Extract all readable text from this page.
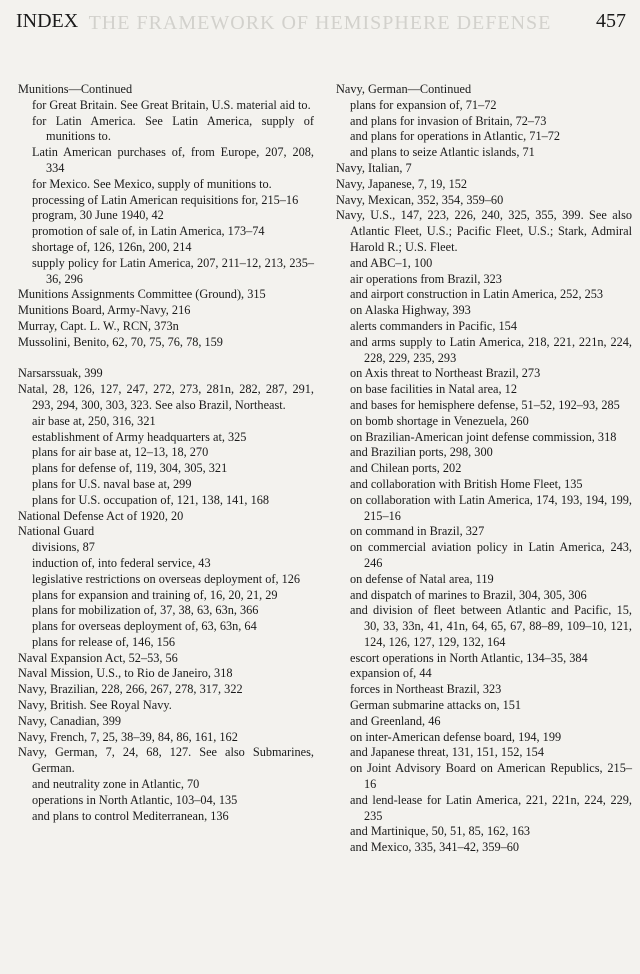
THE FRAMEWORK OF HEMISPHERE DEFENSE
INDEX	457
Munitions—Continued
for Great Britain. See Great Britain, U.S. material aid to.
for Latin America. See Latin America, supply of munitions to.
Latin American purchases of, from Europe, 207, 208, 334
for Mexico. See Mexico, supply of munitions to.
processing of Latin American requisitions for, 215–16
program, 30 June 1940, 42
promotion of sale of, in Latin America, 173–74
shortage of, 126, 126n, 200, 214
supply policy for Latin America, 207, 211–12, 213, 235–36, 296
Munitions Assignments Committee (Ground), 315
Munitions Board, Army-Navy, 216
Murray, Capt. L. W., RCN, 373n
Mussolini, Benito, 62, 70, 75, 76, 78, 159
Narsarssuak, 399
Natal, 28, 126, 127, 247, 272, 273, 281n, 282, 287, 291, 293, 294, 300, 303, 323. See also Brazil, Northeast.
air base at, 250, 316, 321
establishment of Army headquarters at, 325
plans for air base at, 12–13, 18, 270
plans for defense of, 119, 304, 305, 321
plans for U.S. naval base at, 299
plans for U.S. occupation of, 121, 138, 141, 168
National Defense Act of 1920, 20
National Guard
divisions, 87
induction of, into federal service, 43
legislative restrictions on overseas deployment of, 126
plans for expansion and training of, 16, 20, 21, 29
plans for mobilization of, 37, 38, 63, 63n, 366
plans for overseas deployment of, 63, 63n, 64
plans for release of, 146, 156
Naval Expansion Act, 52–53, 56
Naval Mission, U.S., to Rio de Janeiro, 318
Navy, Brazilian, 228, 266, 267, 278, 317, 322
Navy, British. See Royal Navy.
Navy, Canadian, 399
Navy, French, 7, 25, 38–39, 84, 86, 161, 162
Navy, German, 7, 24, 68, 127. See also Submarines, German.
and neutrality zone in Atlantic, 70
operations in North Atlantic, 103–04, 135
and plans to control Mediterranean, 136
Navy, German—Continued
plans for expansion of, 71–72
and plans for invasion of Britain, 72–73
and plans for operations in Atlantic, 71–72
and plans to seize Atlantic islands, 71
Navy, Italian, 7
Navy, Japanese, 7, 19, 152
Navy, Mexican, 352, 354, 359–60
Navy, U.S., 147, 223, 226, 240, 325, 355, 399. See also Atlantic Fleet, U.S.; Pacific Fleet, U.S.; Stark, Admiral Harold R.; U.S. Fleet.
and ABC–1, 100
air operations from Brazil, 323
and airport construction in Latin America, 252, 253
on Alaska Highway, 393
alerts commanders in Pacific, 154
and arms supply to Latin America, 218, 221, 221n, 224, 228, 229, 235, 293
on Axis threat to Northeast Brazil, 273
on base facilities in Natal area, 12
and bases for hemisphere defense, 51–52, 192–93, 285
on bomb shortage in Venezuela, 260
on Brazilian-American joint defense commission, 318
and Brazilian ports, 298, 300
and Chilean ports, 202
and collaboration with British Home Fleet, 135
on collaboration with Latin America, 174, 193, 194, 199, 215–16
on command in Brazil, 327
on commercial aviation policy in Latin America, 243, 246
on defense of Natal area, 119
and dispatch of marines to Brazil, 304, 305, 306
and division of fleet between Atlantic and Pacific, 15, 30, 33, 33n, 41, 41n, 64, 65, 67, 88–89, 109–10, 121, 124, 126, 127, 129, 132, 164
escort operations in North Atlantic, 134–35, 384
expansion of, 44
forces in Northeast Brazil, 323
German submarine attacks on, 151
and Greenland, 46
on inter-American defense board, 194, 199
and Japanese threat, 131, 151, 152, 154
on Joint Advisory Board on American Republics, 215–16
and lend-lease for Latin America, 221, 221n, 224, 229, 235
and Martinique, 50, 51, 85, 162, 163
and Mexico, 335, 341–42, 359–60
